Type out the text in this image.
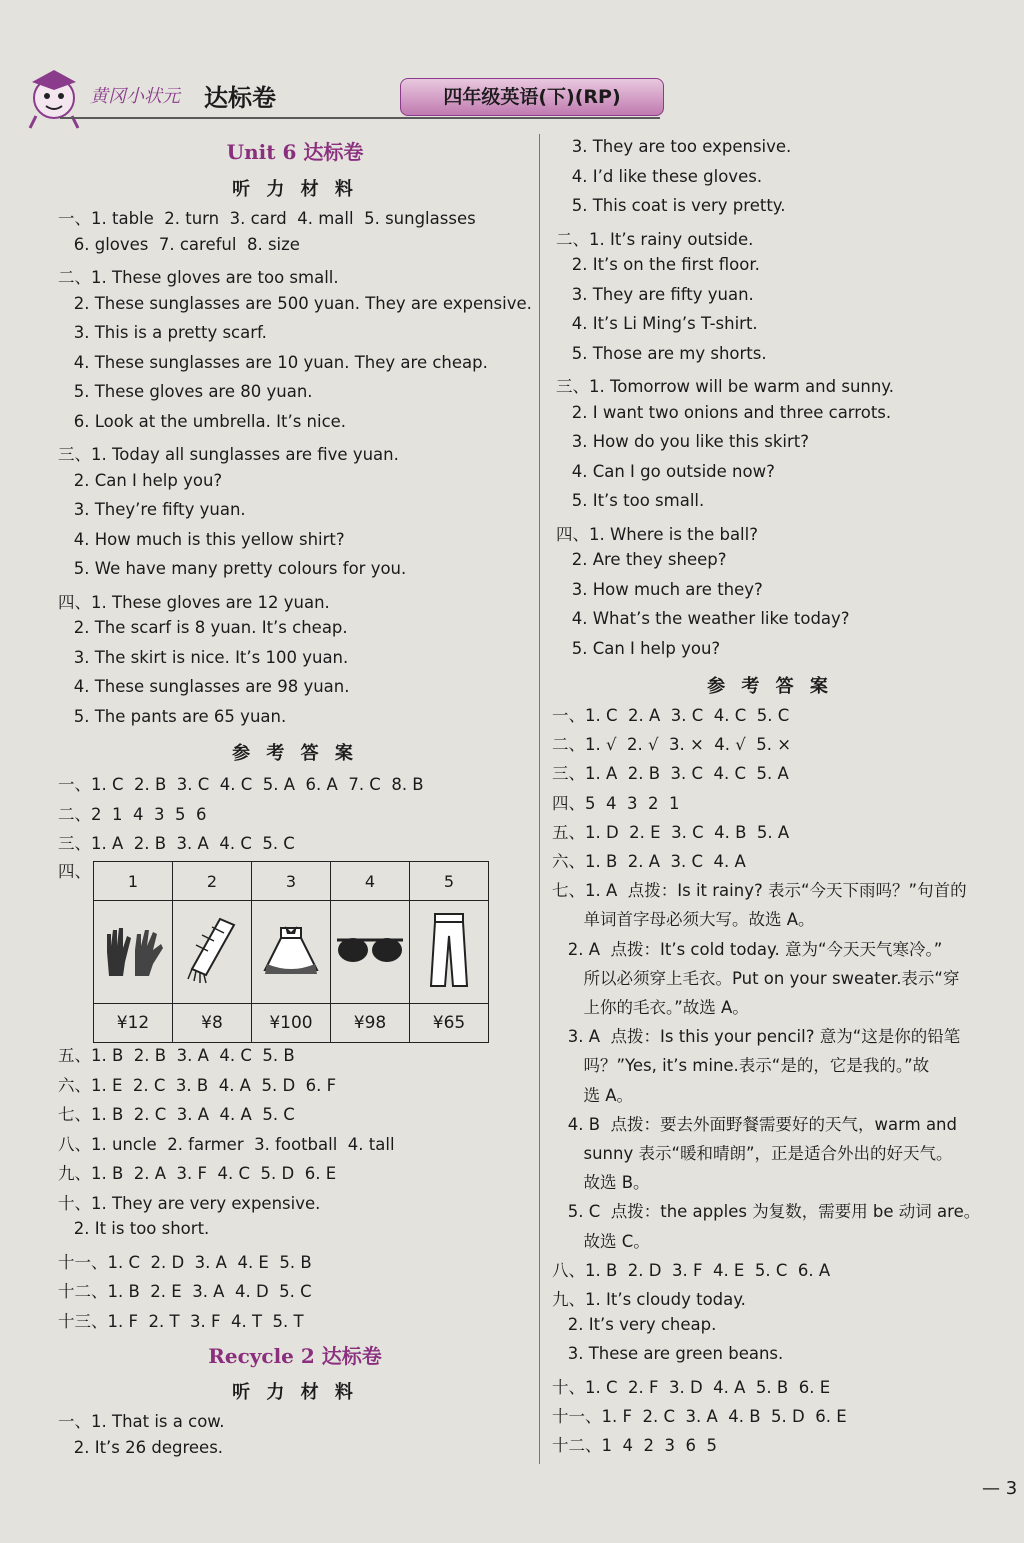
黄冈小状元 达标卷	四年级英语(下)(RP)
Unit 6 达标卷
听 力 材 料
一、1. table  2. turn  3. card  4. mall  5. sunglasses
6. gloves  7. careful  8. size
二、1. These gloves are too small.
2. These sunglasses are 500 yuan. They are expensive.
3. This is a pretty scarf.
4. These sunglasses are 10 yuan. They are cheap.
5. These gloves are 80 yuan.
6. Look at the umbrella. It’s nice.
三、1. Today all sunglasses are five yuan.
2. Can I help you?
3. They’re fifty yuan.
4. How much is this yellow shirt?
5. We have many pretty colours for you.
四、1. These gloves are 12 yuan.
2. The scarf is 8 yuan. It’s cheap.
3. The skirt is nice. It’s 100 yuan.
4. These sunglasses are 98 yuan.
5. The pants are 65 yuan.
参 考 答 案
一、1. C  2. B  3. C  4. C  5. A  6. A  7. C  8. B
二、2  1  4  3  5  6
三、1. A  2. B  3. A  4. C  5. C
四、 1	2	3	4	5

¥12	¥8	¥100	¥98	¥65
五、1. B  2. B  3. A  4. C  5. B
六、1. E  2. C  3. B  4. A  5. D  6. F
七、1. B  2. C  3. A  4. A  5. C
八、1. uncle  2. farmer  3. football  4. tall
九、1. B  2. A  3. F  4. C  5. D  6. E
十、1. They are very expensive.
2. It is too short.
十一、1. C  2. D  3. A  4. E  5. B
十二、1. B  2. E  3. A  4. D  5. C
十三、1. F  2. T  3. F  4. T  5. T
Recycle 2 达标卷
听 力 材 料
一、1. That is a cow.
2. It’s 26 degrees.
3. They are too expensive.
4. I’d like these gloves.
5. This coat is very pretty.
二、1. It’s rainy outside.
2. It’s on the first floor.
3. They are fifty yuan.
4. It’s Li Ming’s T-shirt.
5. Those are my shorts.
三、1. Tomorrow will be warm and sunny.
2. I want two onions and three carrots.
3. How do you like this skirt?
4. Can I go outside now?
5. It’s too small.
四、1. Where is the ball?
2. Are they sheep?
3. How much are they?
4. What’s the weather like today?
5. Can I help you?
参 考 答 案
一、1. C  2. A  3. C  4. C  5. C
二、1. √  2. √  3. ×  4. √  5. ×
三、1. A  2. B  3. C  4. C  5. A
四、5  4  3  2  1
五、1. D  2. E  3. C  4. B  5. A
六、1. B  2. A  3. C  4. A
七、1. A  点拨：Is it rainy? 表示“今天下雨吗？”句首的
单词首字母必须大写。故选 A。
2. A  点拨：It’s cold today. 意为“今天天气寒冷。”
所以必须穿上毛衣。Put on your sweater.表示“穿
上你的毛衣。”故选 A。
3. A  点拨：Is this your pencil? 意为“这是你的铅笔
吗？”Yes, it’s mine.表示“是的，它是我的。”故
选 A。
4. B  点拨：要去外面野餐需要好的天气，warm and
sunny 表示“暖和晴朗”，正是适合外出的好天气。
故选 B。
5. C  点拨：the apples 为复数，需要用 be 动词 are。
故选 C。
八、1. B  2. D  3. F  4. E  5. C  6. A
九、1. It’s cloudy today.
2. It’s very cheap.
3. These are green beans.
十、1. C  2. F  3. D  4. A  5. B  6. E
十一、1. F  2. C  3. A  4. B  5. D  6. E
十二、1  4  2  3  6  5
— 3
